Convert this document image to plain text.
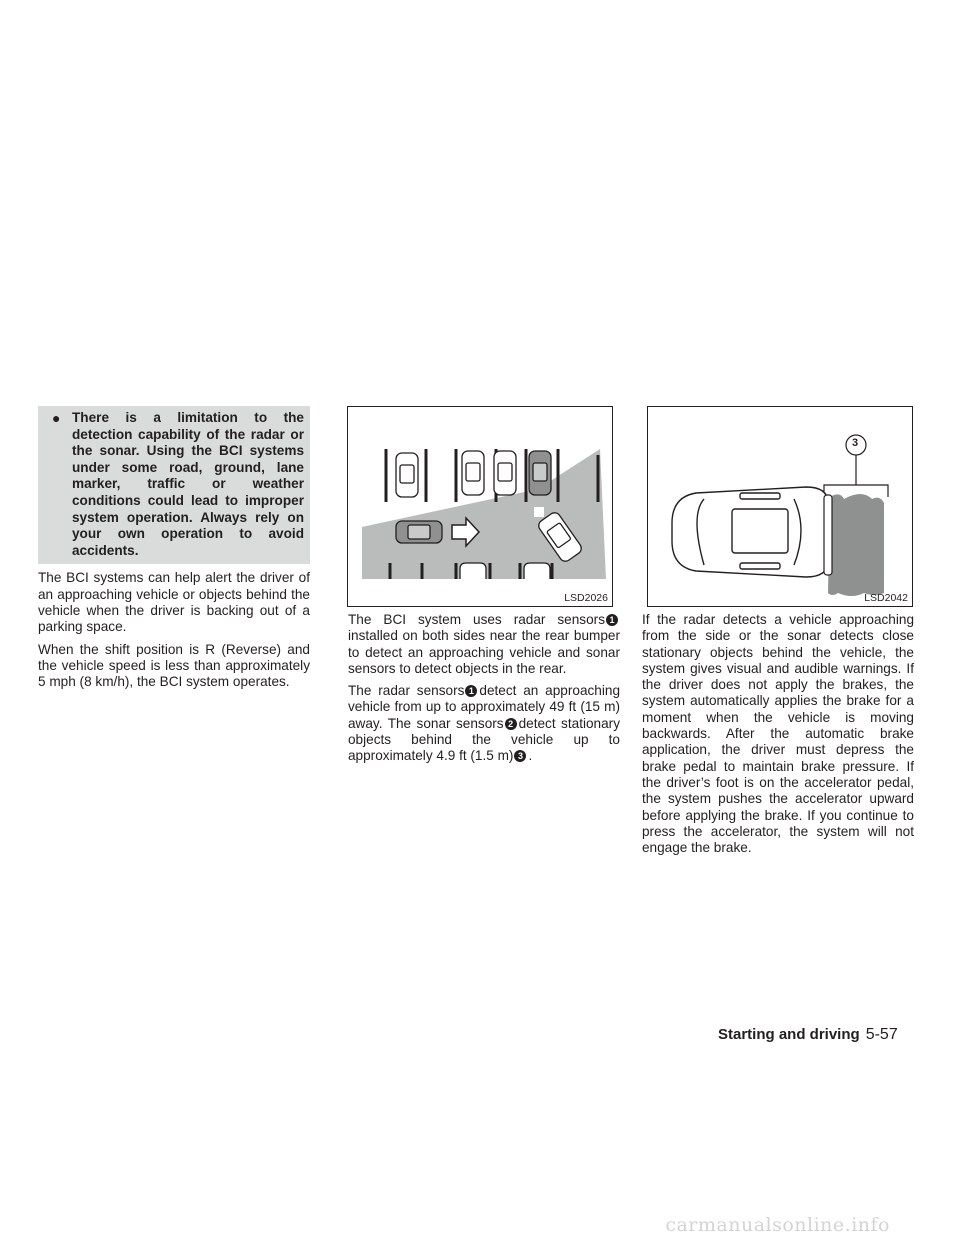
● There is a limitation to the detection capability of the radar or the sonar. Using the BCI systems under some road, ground, lane marker, traffic or weather conditions could lead to improper system operation. Always rely on your own operation to avoid accidents.

The BCI systems can help alert the driver of an approaching vehicle or objects behind the vehicle when the driver is backing out of a parking space.

When the shift position is R (Reverse) and the vehicle speed is less than approximately 5 mph (8 km/h), the BCI system operates.

LSD2026
3
LSD2042

The BCI system uses radar sensors 1installed on both sides near the rear bumper to detect an approaching vehicle and sonar sensors to detect objects in the rear.

The radar sensors 1 detect an approaching vehicle from up to approximately 49 ft (15 m) away. The sonar sensors 2 detect stationary objects behind the vehicle up to approximately 4.9 ft (1.5 m) 3 .

If the radar detects a vehicle approaching from the side or the sonar detects close stationary objects behind the vehicle, the system gives visual and audible warnings. If the driver does not apply the brakes, the system automatically applies the brake for a moment when the vehicle is moving backwards. After the automatic brake application, the driver must depress the brake pedal to maintain brake pressure. If the driver’s foot is on the accelerator pedal, the system pushes the accelerator upward before applying the brake. If you continue to press the accelerator, the system will not engage the brake.

Starting and driving 5-57
carmanualsonline.info
